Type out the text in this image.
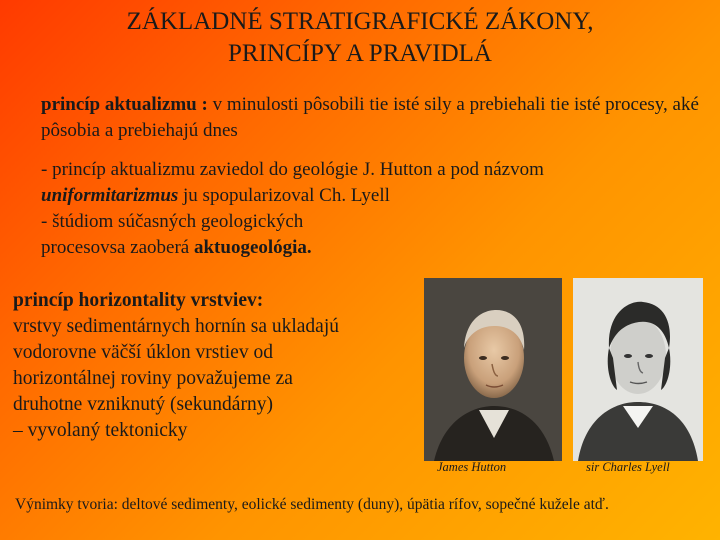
ZÁKLADNÉ STRATIGRAFICKÉ ZÁKONY,
PRINCÍPY A PRAVIDLÁ
princíp aktualizmu : v minulosti pôsobili tie isté sily a prebiehali tie isté procesy, aké pôsobia a prebiehajú dnes

- princíp aktualizmu zaviedol do geológie J. Hutton a pod názvom uniformitarizmus ju spopularizoval Ch. Lyell

- štúdiom súčasných geologických

procesovsa zaoberá aktuogeológia.

princíp horizontality vrstviev:
vrstvy sedimentárnych hornín sa ukladajú
vodorovne väčší úklon vrstiev od
horizontálnej roviny považujeme za
druhotne vzniknutý (sekundárny)
– vyvolaný tektonicky
James Hutton	sir Charles Lyell
Výnimky tvoria: deltové sedimenty, eolické sedimenty (duny), úpätia rífov, sopečné kužele atď.
